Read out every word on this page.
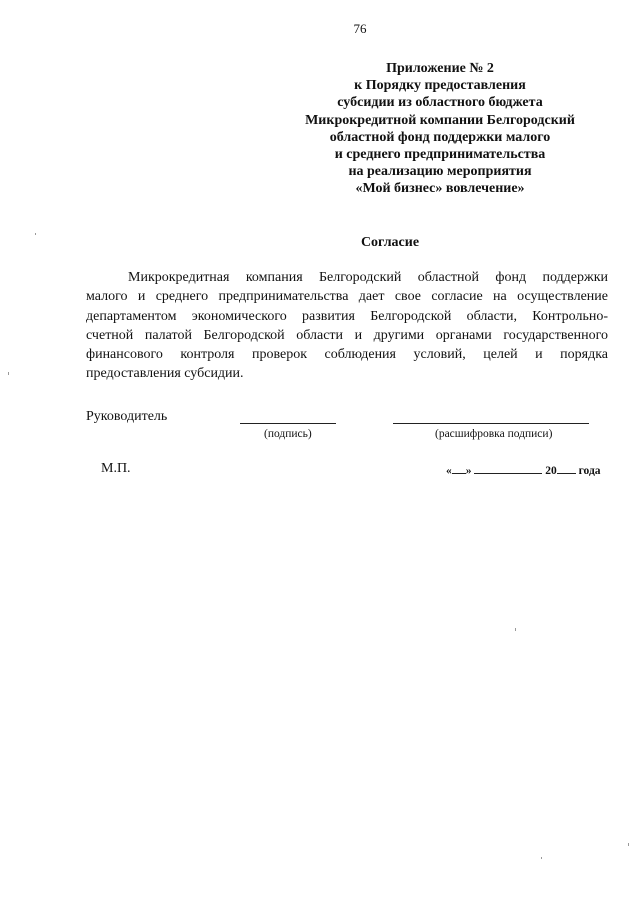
76
Приложение № 2
к Порядку предоставления
субсидии из областного бюджета
Микрокредитной компании Белгородский
областной фонд поддержки малого
и среднего предпринимательства
на реализацию мероприятия
«Мой бизнес» вовлечение»
Согласие
Микрокредитная компания Белгородский областной фонд поддержки
малого и среднего предпринимательства дает свое согласие на осуществление
департаментом экономического развития Белгородской области, Контрольно-
счетной палатой Белгородской области и другими органами государственного
финансового контроля проверок соблюдения условий, целей и порядка
предоставления субсидии.
Руководитель
(подпись)	(расшифровка подписи)
М.П.	« »	20 года
